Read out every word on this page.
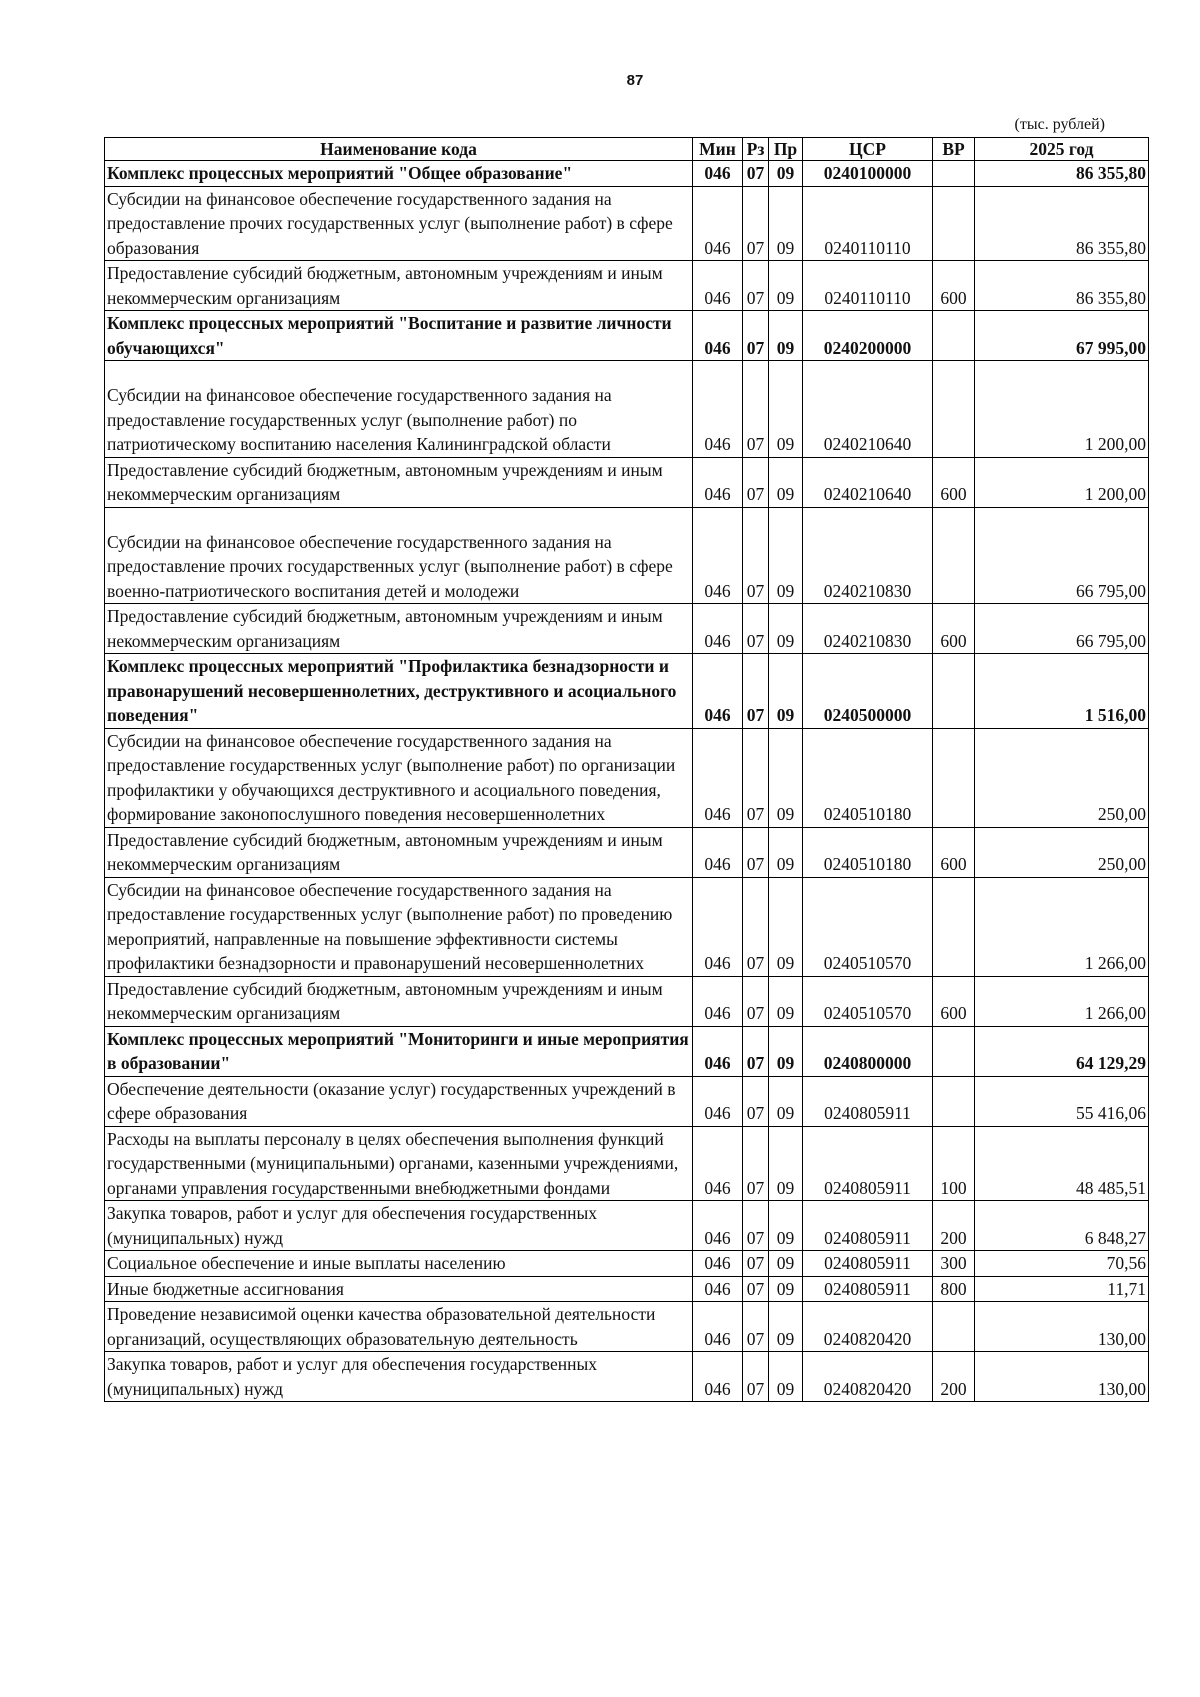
87
(тыс. рублей)
Наименование кода	Мин	Рз	Пр	ЦСР	ВР	2025 год
Комплекс процессных мероприятий "Общее образование"	046	07	09	0240100000		86 355,80
Субсидии на финансовое обеспечение государственного задания на предоставление прочих государственных услуг (выполнение работ) в сфере образования	046	07	09	0240110110		86 355,80
Предоставление субсидий бюджетным, автономным учреждениям и иным некоммерческим организациям	046	07	09	0240110110	600	86 355,80
Комплекс процессных мероприятий "Воспитание и развитие личности обучающихся"	046	07	09	0240200000		67 995,00
Субсидии на финансовое обеспечение государственного задания на предоставление государственных услуг (выполнение работ) по патриотическому воспитанию населения Калининградской области	046	07	09	0240210640		1 200,00
Предоставление субсидий бюджетным, автономным учреждениям и иным некоммерческим организациям	046	07	09	0240210640	600	1 200,00
Субсидии на финансовое обеспечение государственного задания на предоставление прочих государственных услуг (выполнение работ) в сфере военно-патриотического воспитания детей и молодежи	046	07	09	0240210830		66 795,00
Предоставление субсидий бюджетным, автономным учреждениям и иным некоммерческим организациям	046	07	09	0240210830	600	66 795,00
Комплекс процессных мероприятий "Профилактика безнадзорности и правонарушений несовершеннолетних, деструктивного и асоциального поведения"	046	07	09	0240500000		1 516,00
Субсидии на финансовое обеспечение государственного задания на предоставление государственных услуг (выполнение работ) по организации профилактики у обучающихся деструктивного и асоциального поведения, формирование законопослушного поведения несовершеннолетних	046	07	09	0240510180		250,00
Предоставление субсидий бюджетным, автономным учреждениям и иным некоммерческим организациям	046	07	09	0240510180	600	250,00
Субсидии на финансовое обеспечение государственного задания на предоставление государственных услуг (выполнение работ) по проведению мероприятий, направленные на повышение эффективности системы профилактики безнадзорности и правонарушений несовершеннолетних	046	07	09	0240510570		1 266,00
Предоставление субсидий бюджетным, автономным учреждениям и иным некоммерческим организациям	046	07	09	0240510570	600	1 266,00
Комплекс процессных мероприятий "Мониторинги и иные мероприятия в образовании"	046	07	09	0240800000		64 129,29
Обеспечение деятельности (оказание услуг) государственных учреждений в сфере образования	046	07	09	0240805911		55 416,06
Расходы на выплаты персоналу в целях обеспечения выполнения функций государственными (муниципальными) органами, казенными учреждениями, органами управления государственными внебюджетными фондами	046	07	09	0240805911	100	48 485,51
Закупка товаров, работ и услуг для обеспечения государственных (муниципальных) нужд	046	07	09	0240805911	200	6 848,27
Социальное обеспечение и иные выплаты населению	046	07	09	0240805911	300	70,56
Иные бюджетные ассигнования	046	07	09	0240805911	800	11,71
Проведение независимой оценки качества образовательной деятельности организаций, осуществляющих образовательную деятельность	046	07	09	0240820420		130,00
Закупка товаров, работ и услуг для обеспечения государственных (муниципальных) нужд	046	07	09	0240820420	200	130,00
